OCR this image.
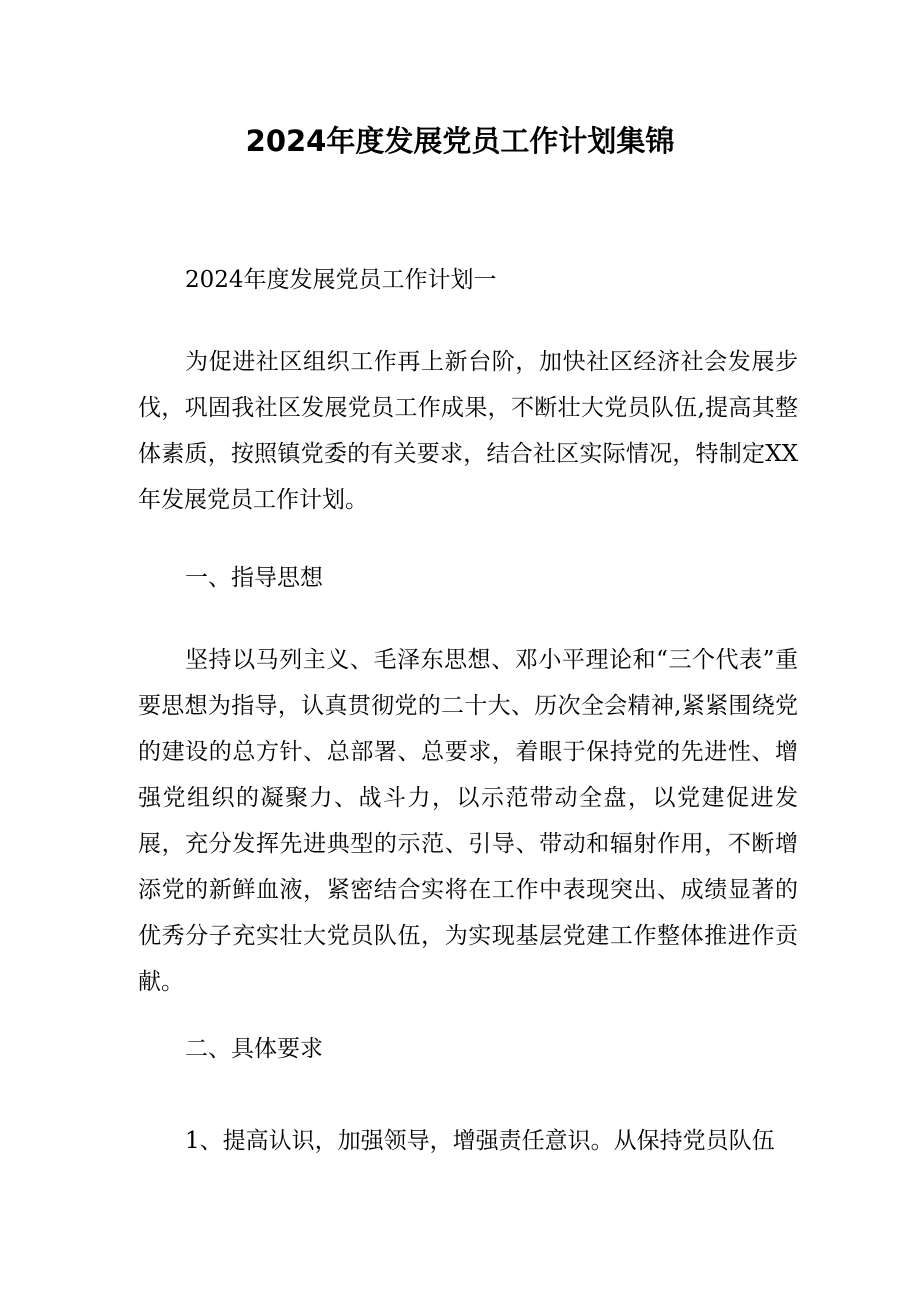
2024年度发展党员工作计划集锦
2024年度发展党员工作计划一

为促进社区组织工作再上新台阶，加快社区经济社会发展步伐，巩固我社区发展党员工作成果，不断壮大党员队伍,提高其整体素质，按照镇党委的有关要求，结合社区实际情况，特制定XX年发展党员工作计划。

一、指导思想

坚持以马列主义、毛泽东思想、邓小平理论和“三个代表”重要思想为指导，认真贯彻党的二十大、历次全会精神,紧紧围绕党的建设的总方针、总部署、总要求，着眼于保持党的先进性、增强党组织的凝聚力、战斗力，以示范带动全盘，以党建促进发展，充分发挥先进典型的示范、引导、带动和辐射作用，不断增添党的新鲜血液，紧密结合实将在工作中表现突出、成绩显著的优秀分子充实壮大党员队伍，为实现基层党建工作整体推进作贡献。

二、具体要求

1、提高认识，加强领导，增强责任意识。从保持党员队伍
